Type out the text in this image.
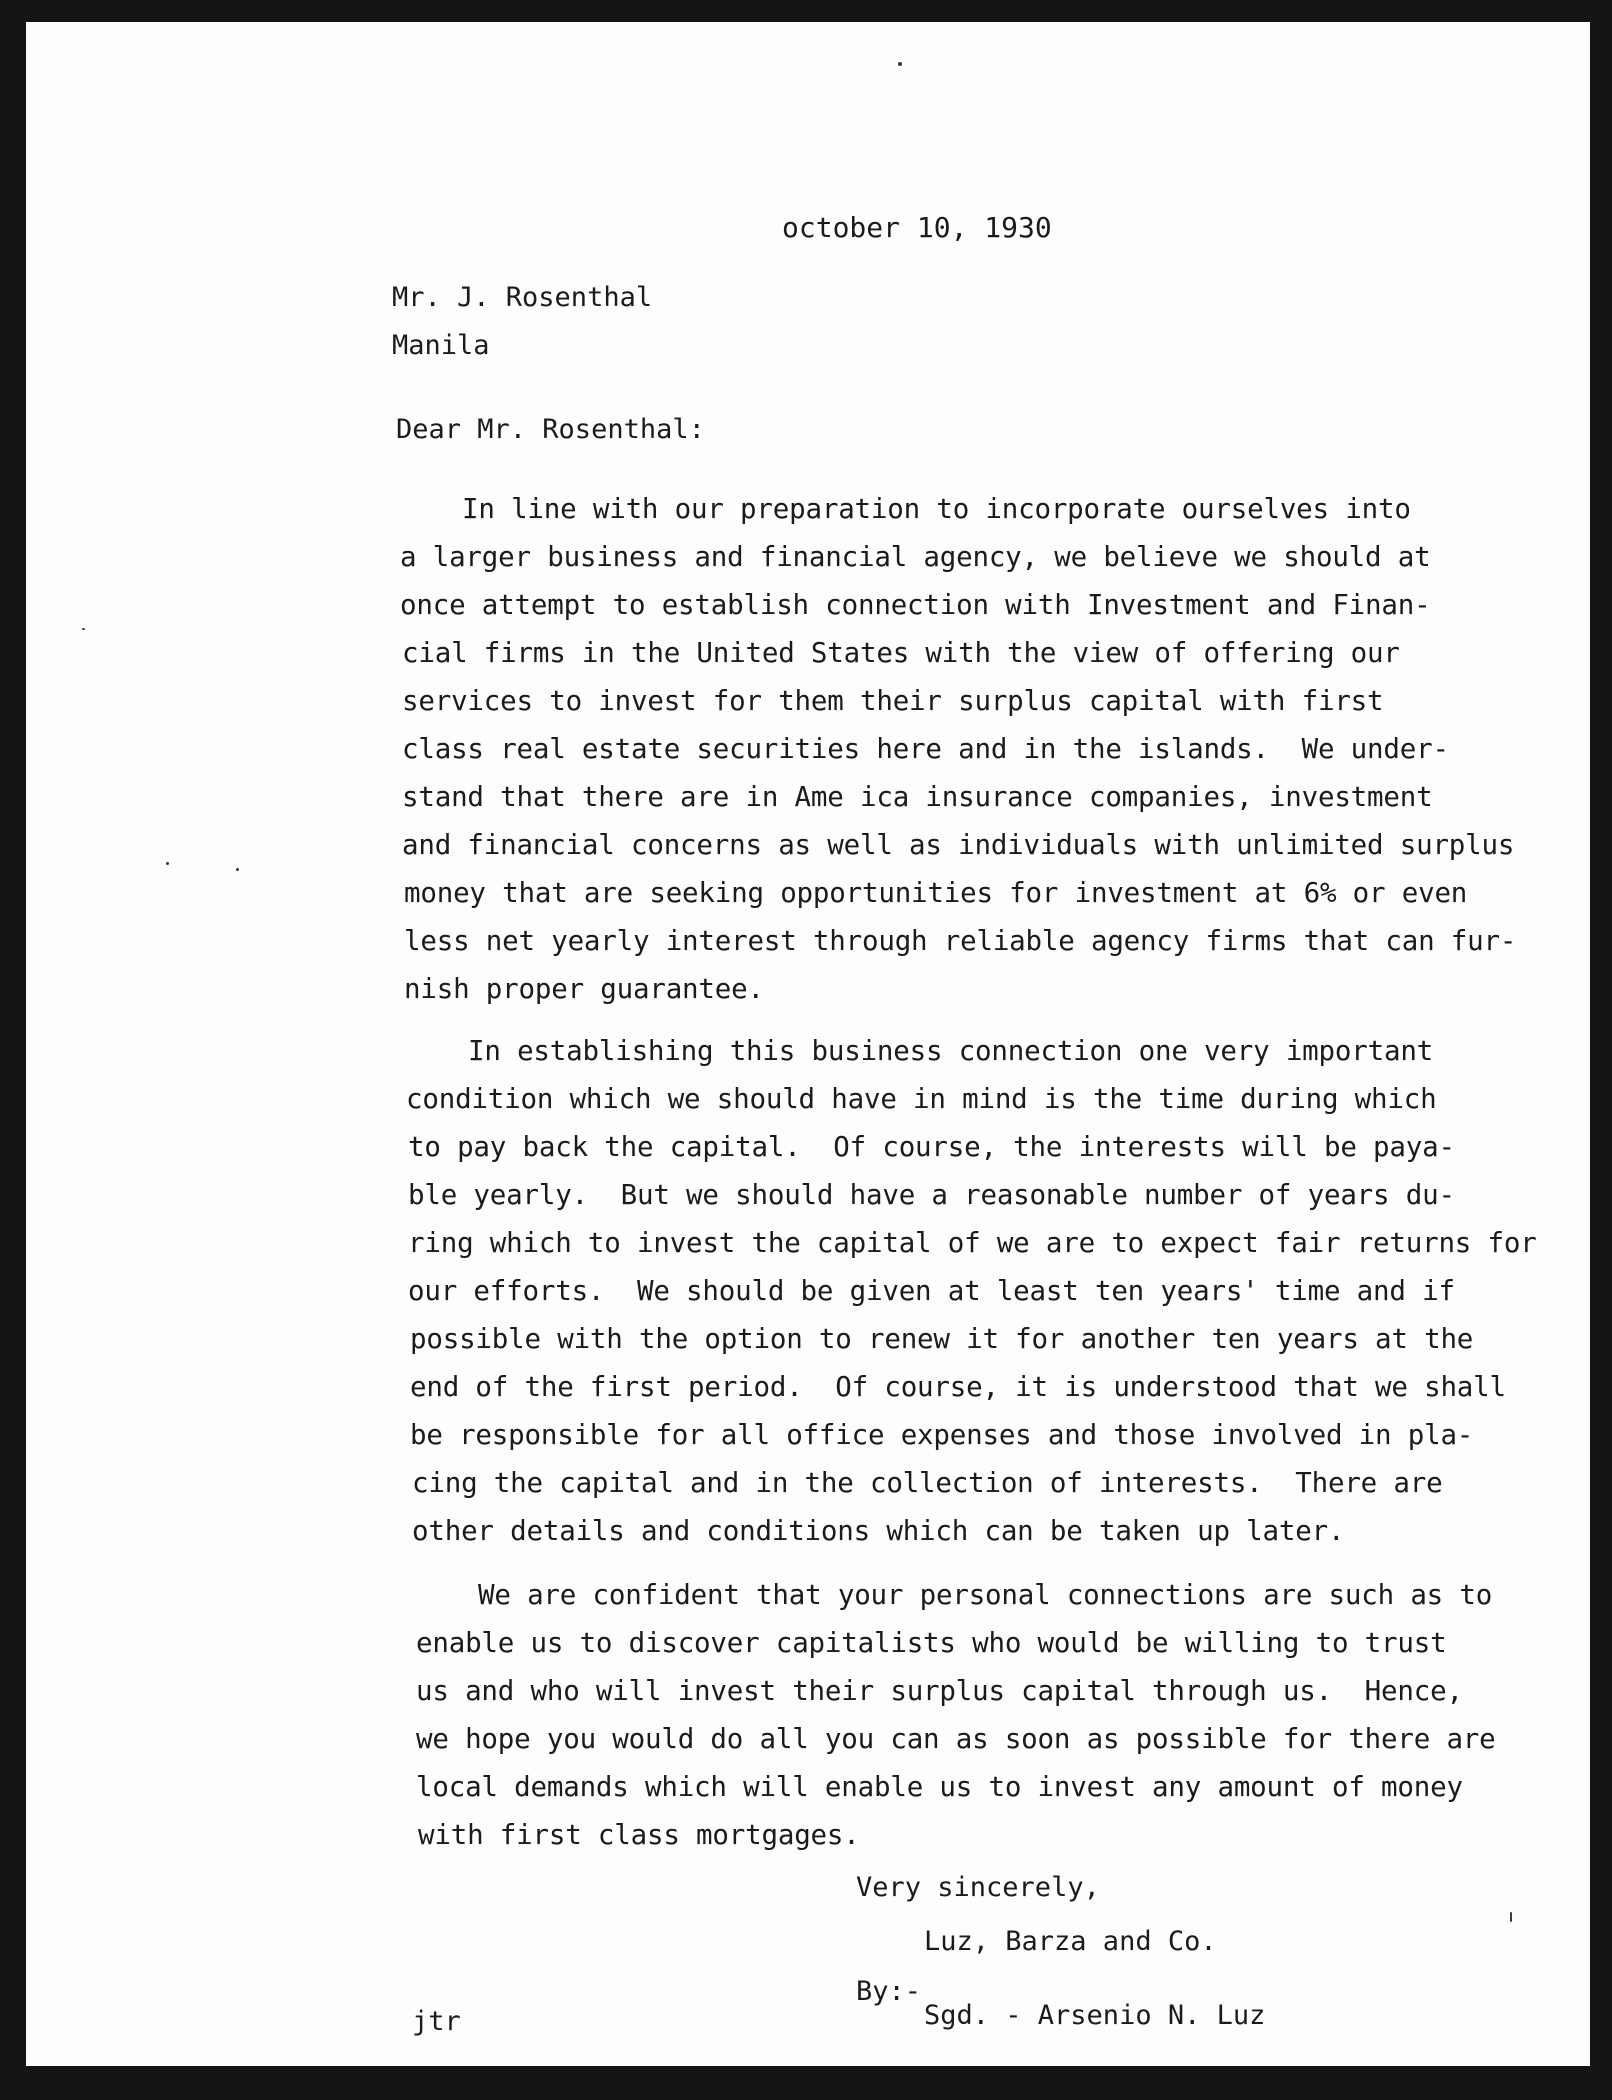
october 10, 1930
Mr. J. Rosenthal
Manila
Dear Mr. Rosenthal:
In line with our preparation to incorporate ourselves into
a larger business and financial agency, we believe we should at
once attempt to establish connection with Investment and Finan-
cial firms in the United States with the view of offering our
services to invest for them their surplus capital with first
class real estate securities here and in the islands.  We under-
stand that there are in Ame ica insurance companies, investment
and financial concerns as well as individuals with unlimited surplus
money that are seeking opportunities for investment at 6% or even
less net yearly interest through reliable agency firms that can fur-
nish proper guarantee.
In establishing this business connection one very important
condition which we should have in mind is the time during which
to pay back the capital.  Of course, the interests will be paya-
ble yearly.  But we should have a reasonable number of years du-
ring which to invest the capital of we are to expect fair returns for
our efforts.  We should be given at least ten years' time and if
possible with the option to renew it for another ten years at the
end of the first period.  Of course, it is understood that we shall
be responsible for all office expenses and those involved in pla-
cing the capital and in the collection of interests.  There are
other details and conditions which can be taken up later.
We are confident that your personal connections are such as to
enable us to discover capitalists who would be willing to trust
us and who will invest their surplus capital through us.  Hence,
we hope you would do all you can as soon as possible for there are
local demands which will enable us to invest any amount of money
with first class mortgages.
Very sincerely,
Luz, Barza and Co.
By:-
Sgd. - Arsenio N. Luz
jtr
